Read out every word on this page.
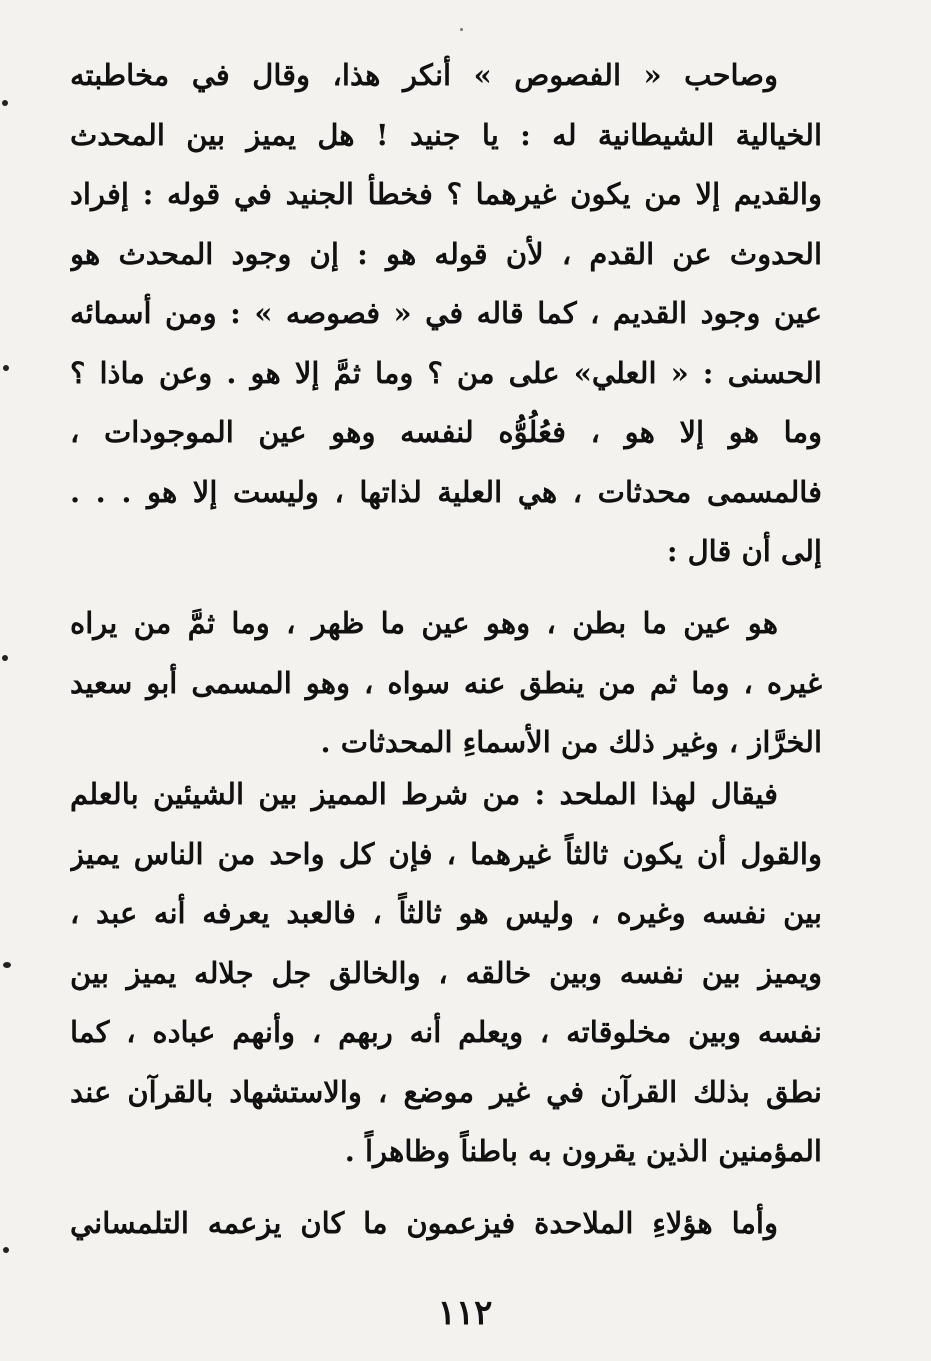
وصاحب « الفصوص » أنكر هذا، وقال في مخاطبته
الخيالية الشيطانية له : يا جنيد ! هل يميز بين المحدث
والقديم إلا من يكون غيرهما ؟ فخطأ الجنيد في قوله : إفراد
الحدوث عن القدم ، لأن قوله هو : إن وجود المحدث هو
عين وجود القديم ، كما قاله في « فصوصه » : ومن أسمائه
الحسنى : « العلي» على من ؟ وما ثمَّ إلا هو . وعن ماذا ؟
وما هو إلا هو ، فعُلُوُّه لنفسه وهو عين الموجودات ،
فالمسمى محدثات ، هي العلية لذاتها ، وليست إلا هو . . .
إلى أن قال :
هو عين ما بطن ، وهو عين ما ظهر ، وما ثمَّ من يراه
غيره ، وما ثم من ينطق عنه سواه ، وهو المسمى أبو سعيد
الخرَّاز ، وغير ذلك من الأسماءِ المحدثات .
فيقال لهذا الملحد : من شرط المميز بين الشيئين بالعلم
والقول أن يكون ثالثاً غيرهما ، فإن كل واحد من الناس يميز
بين نفسه وغيره ، وليس هو ثالثاً ، فالعبد يعرفه أنه عبد ،
ويميز بين نفسه وبين خالقه ، والخالق جل جلاله يميز بين
نفسه وبين مخلوقاته ، ويعلم أنه ربهم ، وأنهم عباده ، كما
نطق بذلك القرآن في غير موضع ، والاستشهاد بالقرآن عند
المؤمنين الذين يقرون به باطناً وظاهراً .
وأما هؤلاءِ الملاحدة فيزعمون ما كان يزعمه التلمساني
١١٢
